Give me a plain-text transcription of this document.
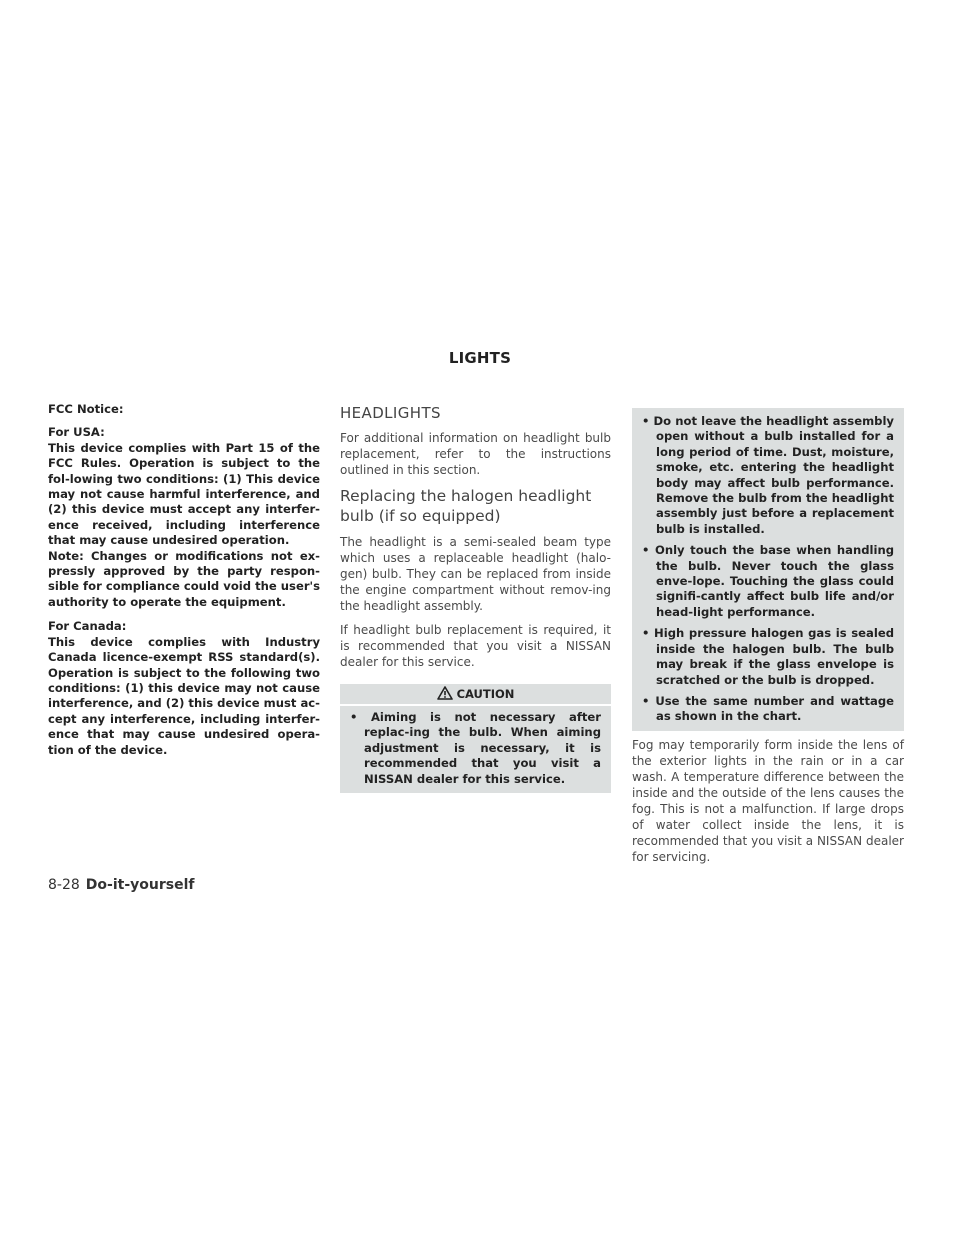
LIGHTS

FCC Notice:

For USA:

This device complies with Part 15 of the FCC Rules. Operation is subject to the fol-lowing two conditions: (1) This device may not cause harmful interference, and (2) this device must accept any interfer-ence received, including interference that may cause undesired operation.

Note: Changes or modifications not ex-pressly approved by the party respon-sible for compliance could void the user's authority to operate the equipment.

For Canada:

This device complies with Industry Canada licence-exempt RSS standard(s). Operation is subject to the following two conditions: (1) this device may not cause interference, and (2) this device must ac-cept any interference, including interfer-ence that may cause undesired opera-tion of the device.

HEADLIGHTS

For additional information on headlight bulb replacement, refer to the instructions outlined in this section.

Replacing the halogen headlight bulb (if so equipped)

The headlight is a semi-sealed beam type which uses a replaceable headlight (halo-gen) bulb. They can be replaced from inside the engine compartment without remov-ing the headlight assembly.

If headlight bulb replacement is required, it is recommended that you visit a NISSAN dealer for this service.

CAUTION

• Aiming is not necessary after replac-ing the bulb. When aiming adjustment is necessary, it is recommended that you visit a NISSAN dealer for this service.

• Do not leave the headlight assembly open without a bulb installed for a long period of time. Dust, moisture, smoke, etc. entering the headlight body may affect bulb performance. Remove the bulb from the headlight assembly just before a replacement bulb is installed.

• Only touch the base when handling the bulb. Never touch the glass enve-lope. Touching the glass could signifi-cantly affect bulb life and/or head-light performance.

• High pressure halogen gas is sealed inside the halogen bulb. The bulb may break if the glass envelope is scratched or the bulb is dropped.

• Use the same number and wattage as shown in the chart.

Fog may temporarily form inside the lens of the exterior lights in the rain or in a car wash. A temperature difference between the inside and the outside of the lens causes the fog. This is not a malfunction. If large drops of water collect inside the lens, it is recommended that you visit a NISSAN dealer for servicing.

8-28 Do-it-yourself
